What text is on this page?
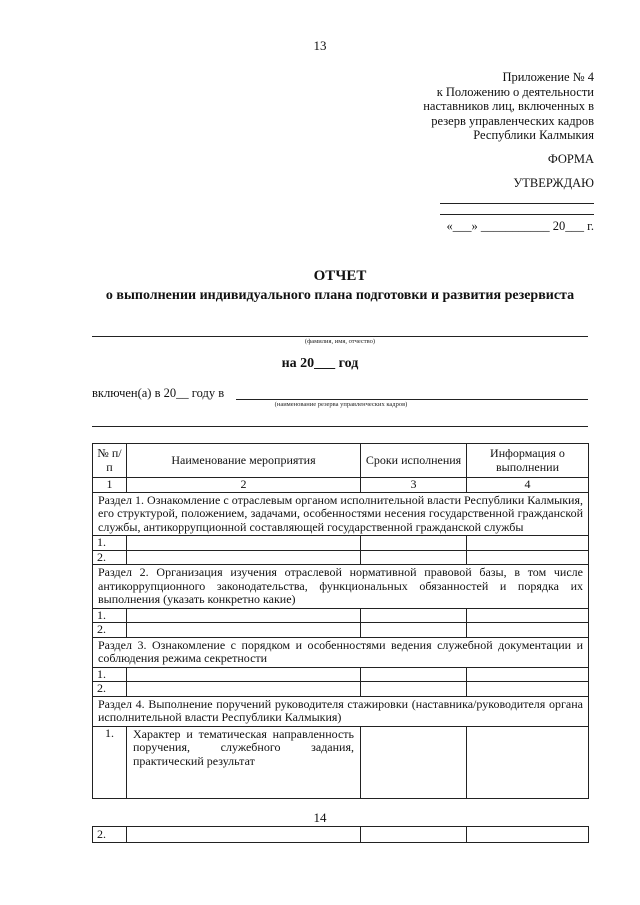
13
Приложение № 4
к Положению о деятельности
наставников лиц, включенных в
резерв управленческих кадров
Республики Калмыкия
ФОРМА
УТВЕРЖДАЮ
«___» ___________ 20___ г.
ОТЧЕТ
о выполнении индивидуального плана подготовки и развития резервиста
(фамилия, имя, отчество)
на 20___ год
включен(а) в 20__ году в
(наименование резерва управленческих кадров)
№ п/п	Наименование мероприятия	Сроки исполнения	Информация о выполнении
1	2	3	4
Раздел 1. Ознакомление с отраслевым органом исполнительной власти Республики Калмыкия, его структурой, положением, задачами, особенностями несения государственной гражданской службы, антикоррупционной составляющей государственной гражданской службы			
1.			
2.			
Раздел 2. Организация изучения отраслевой нормативной правовой базы, в том числе антикоррупционного законодательства, функциональных обязанностей и порядка их выполнения (указать конкретно какие)			
1.			
2.			
Раздел 3. Ознакомление с порядком и особенностями ведения служебной документации и соблюдения режима секретности			
1.			
2.			
Раздел 4. Выполнение поручений руководителя стажировки (наставника/руководителя органа исполнительной власти Республики Калмыкия)			
1.	Характер и тематическая направленность поручения, служебного задания, практический результат		
14
2.			
